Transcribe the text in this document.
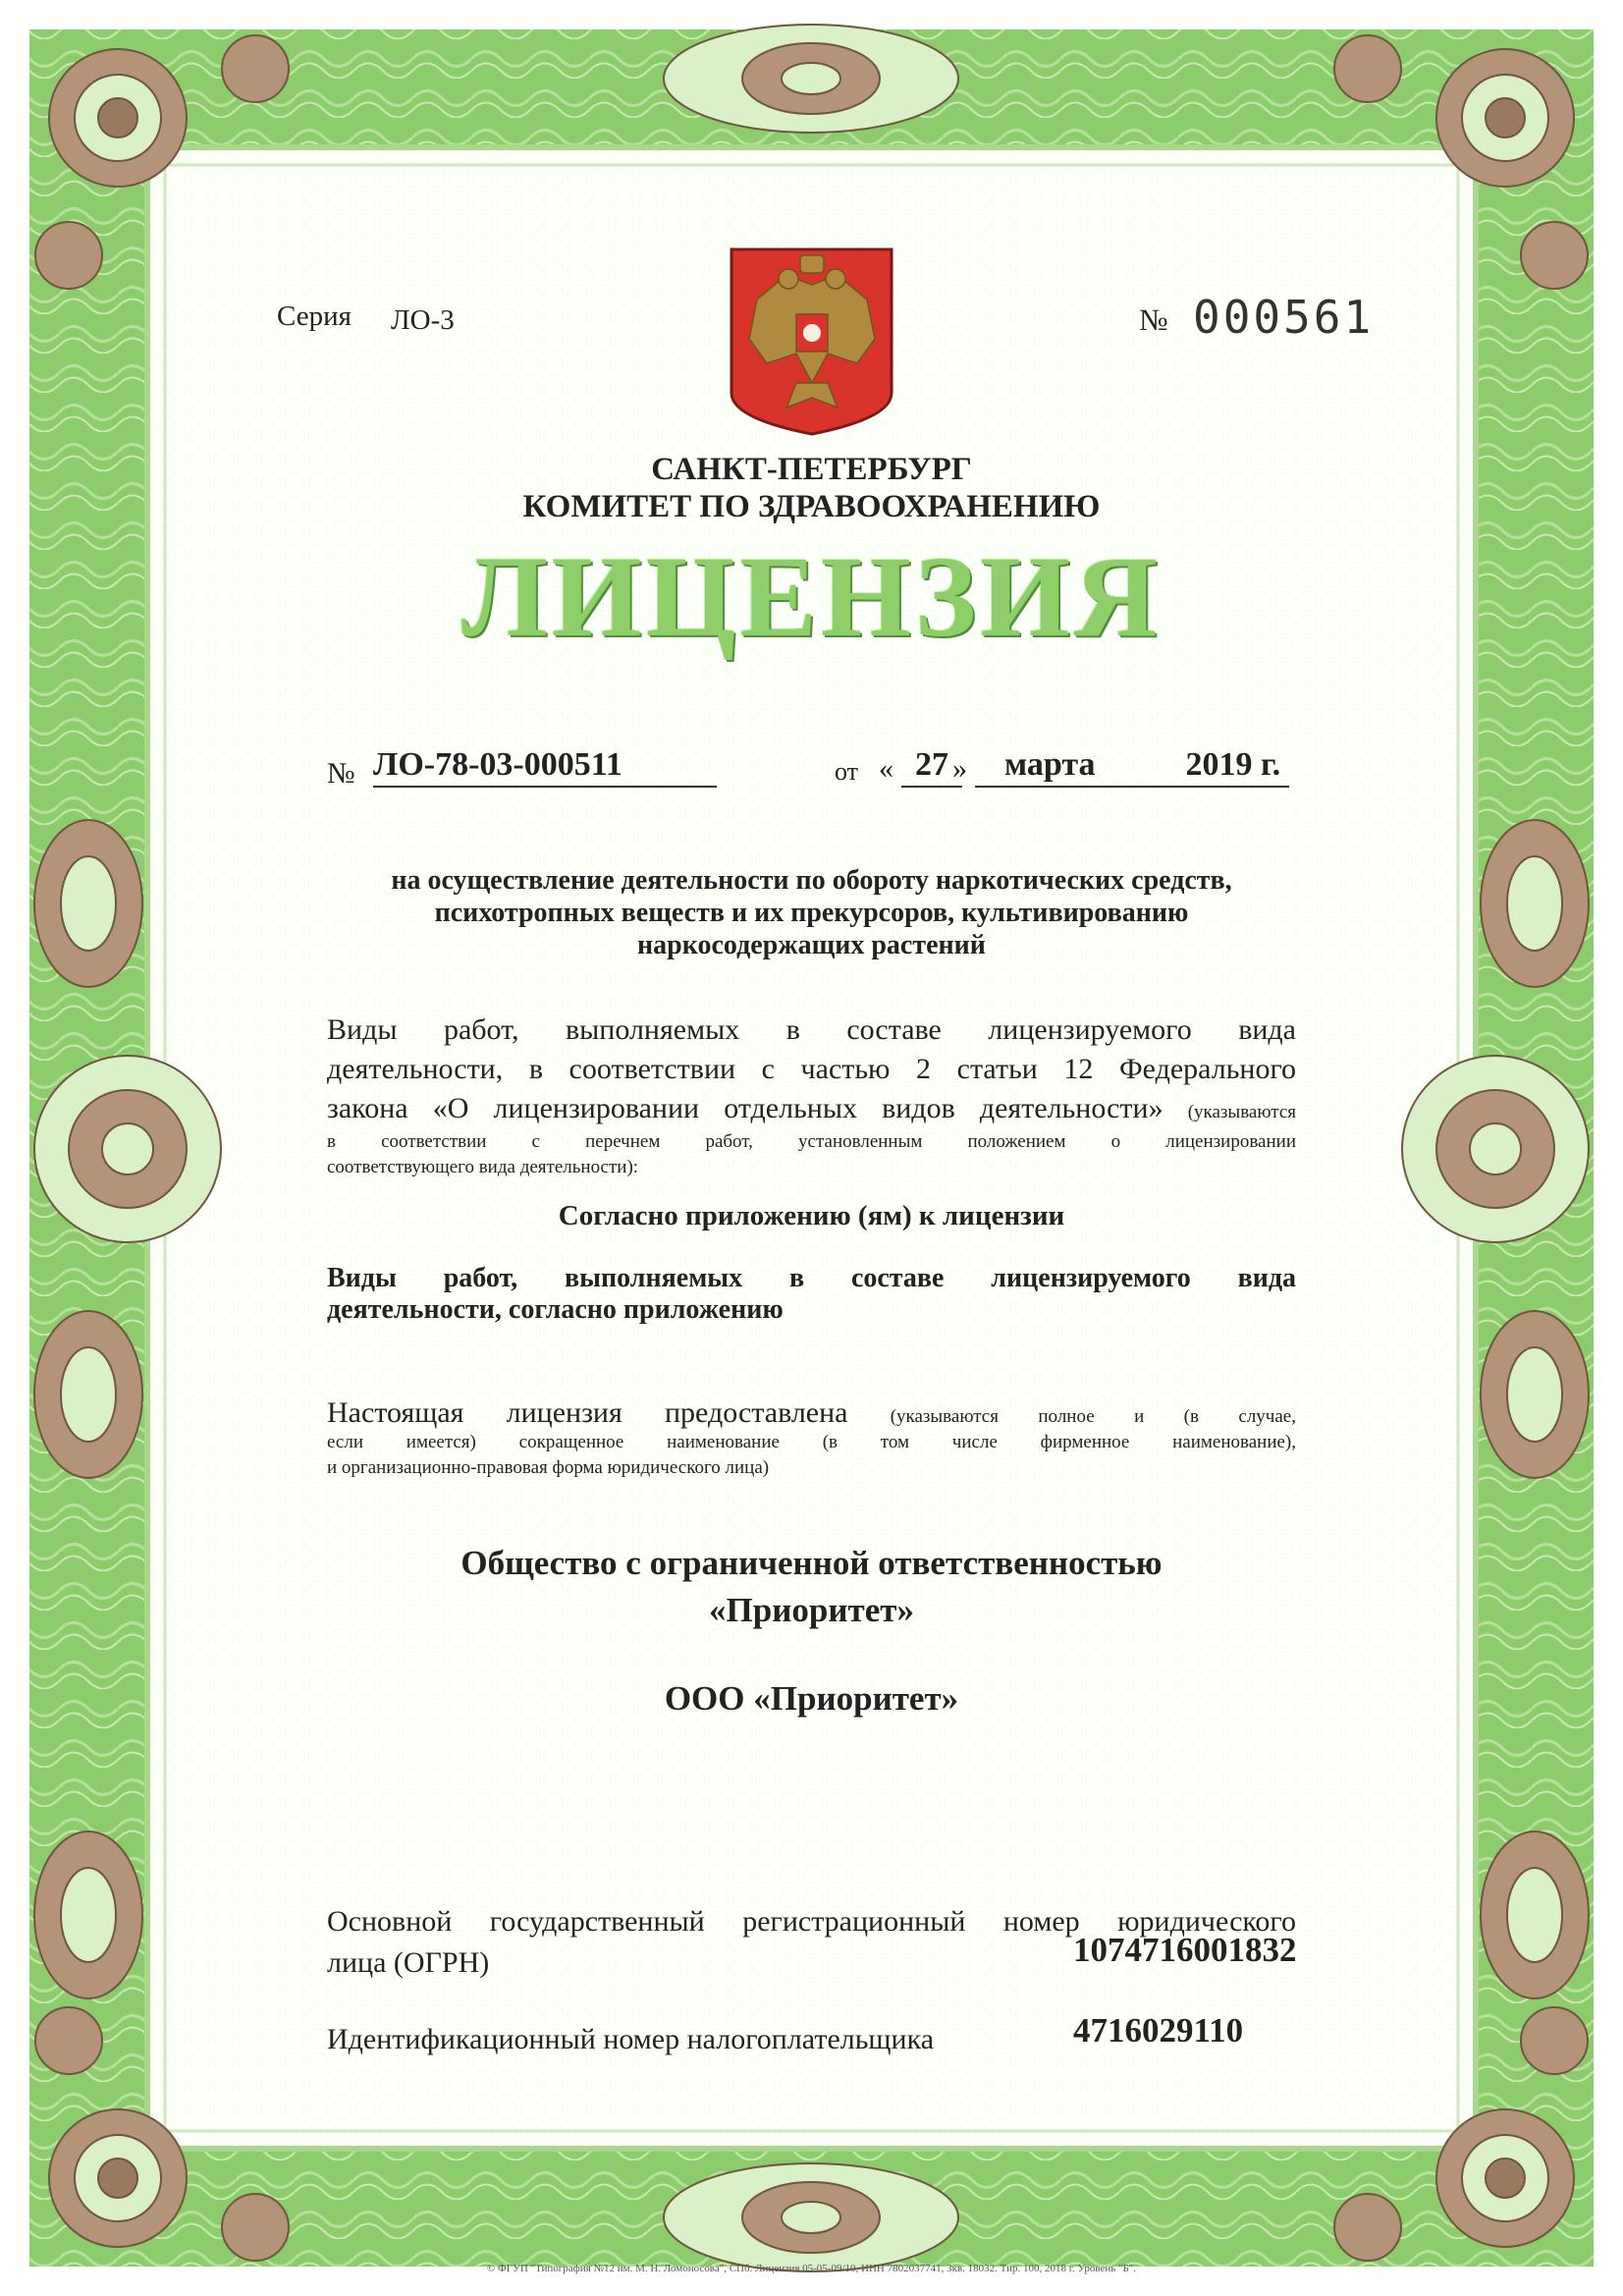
Серия ЛО-3	№ 000561
САНКТ-ПЕТЕРБУРГ
КОМИТЕТ ПО ЗДРАВООХРАНЕНИЮ
ЛИЦЕНЗИЯ
№ ЛО-78-03-000511	от « 27 »	марта	2019 г.
на осуществление деятельности по обороту наркотических средств,
психотропных веществ и их прекурсоров, культивированию
наркосодержащих растений
Виды работ, выполняемых в составе лицензируемого вида
деятельности, в соответствии с частью 2 статьи 12 Федерального
закона «О лицензировании отдельных видов деятельности» (указываются
в соответствии с перечнем работ, установленным положением о лицензировании
соответствующего вида деятельности):
Согласно приложению (ям) к лицензии
Виды работ, выполняемых в составе лицензируемого вида
деятельности, согласно приложению
Настоящая лицензия предоставлена (указываются полное и (в случае,
если имеется) сокращенное наименование (в том числе фирменное наименование),
и организационно-правовая форма юридического лица)
Общество с ограниченной ответственностью
«Приоритет»
ООО «Приоритет»
Основной государственный регистрационный номер юридического
лица (ОГРН)	1074716001832
Идентификационный номер налогоплательщика	4716029110
© ФГУП "Типография №12 им. М. Н. Ломоносова", СПб. Лицензия 05-05-09/10, ИНН 7802037741, 3кв. 18032. Тир. 100, 2018 г. Уровень "Б".
